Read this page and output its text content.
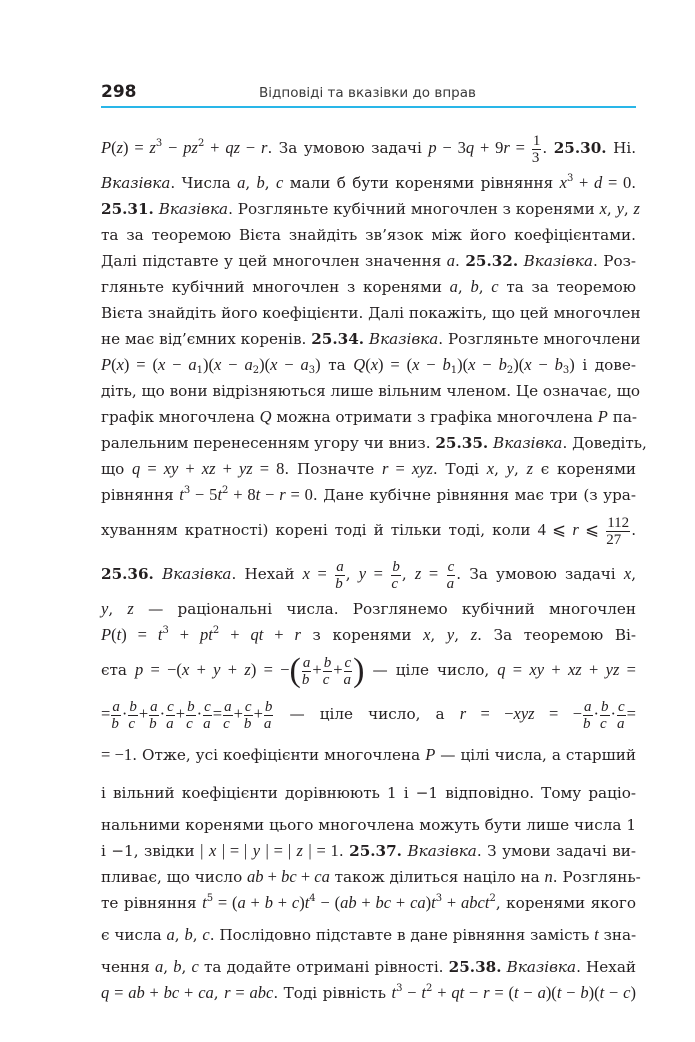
298	Відповіді та вказівки до вправ
$P(z) = z^3 - pz^2$ + qz − r. За умовою задачі $p - 3q + 9r = \frac{1}{3}$ . 25.30. Ні.
Вказівка. Числа a, b, c мали б бути коренями рівняння $x^3 + d = 0$.
25.31. Вказівка. Розгляньте кубічний многочлен з коренями x, y, z
та за теоремою Вієта знайдіть зв’язок між його коефіцієнтами.
Далі підставте у цей многочлен значення a. 25.32. Вказівка. Роз-
гляньте кубічний многочлен з коренями a, b, c та за теоремою
Вієта знайдіть його коефіцієнти. Далі покажіть, що цей многочлен
не має від’ємних коренів. 25.34. Вказівка. Розгляньте многочлени
$P(x) = (x - a_1)(x - a_2)(x - a_3)$ та $Q(x) = (x - b_1)(x - b_2)(x - b_3)$ і дове-
діть, що вони відрізняються лише вільним членом. Це означає, що
графік многочлена Q можна отримати з графіка многочлена P па-
ралельним перенесенням угору чи вниз. 25.35. Вказівка. Доведіть,
що q = xy + xz + yz = 8. Позначте r = xyz. Тоді x, y, z є коренями
рівняння $t^3 - 5t^2 + 8t - r = 0$. Дане кубічне рівняння має три (з ура-
хуванням кратності) корені тоді й тільки тоді, коли 4 ⩽ r ⩽ $\frac{112}{27}$ .
25.36. Вказівка. Нехай $x = \frac{a}{b}$ , $y = \frac{b}{c}$ , $z = \frac{c}{a}$ . За умовою задачі x,
y, z — раціональні числа. Розглянемо кубічний многочлен
$P(t) = t^3 + pt^2$ + qt + r з коренями x, y, z. За теоремою Ві-
єта p = −(x + y + z) = −( $\frac{a}{b} + \frac{b}{c} + \frac{c}{a}$ ) — ціле число, q = xy + xz + yz =
= $\frac{a}{b} \cdot \frac{b}{c} + \frac{a}{b} \cdot \frac{c}{a} + \frac{b}{c} \cdot \frac{c}{a} = \frac{a}{c} + \frac{c}{b} + \frac{b}{a}$ — ціле число, а r = −xyz = − $\frac{a}{b} \cdot \frac{b}{c} \cdot \frac{c}{a}$ =
= −1. Отже, усі коефіцієнти многочлена P — цілі числа, а старший
і вільний коефіцієнти дорівнюють 1 і −1 відповідно. Тому раціо-
нальними коренями цього многочлена можуть бути лише числа 1
і −1, звідки | x | = | y | = | z | = 1. 25.37. Вказівка. З умови задачі ви-
пливає, що число ab + bc + ca також ділиться націло на n. Розглянь-
те рівняння $t^5 = (a + b + c)t^4 - (ab$ + bc + $ca)t^3$ + abct$^2$, коренями якого
є числа a, b, c. Послідовно підставте в дане рівняння замість t зна-
чення a, b, c та додайте отримані рівності. 25.38. Вказівка. Нехай
q = ab + bc + ca, r = abc. Тоді рівність $t^3 - t^2$ + qt − r = (t − a)(t − b)(t − c)
